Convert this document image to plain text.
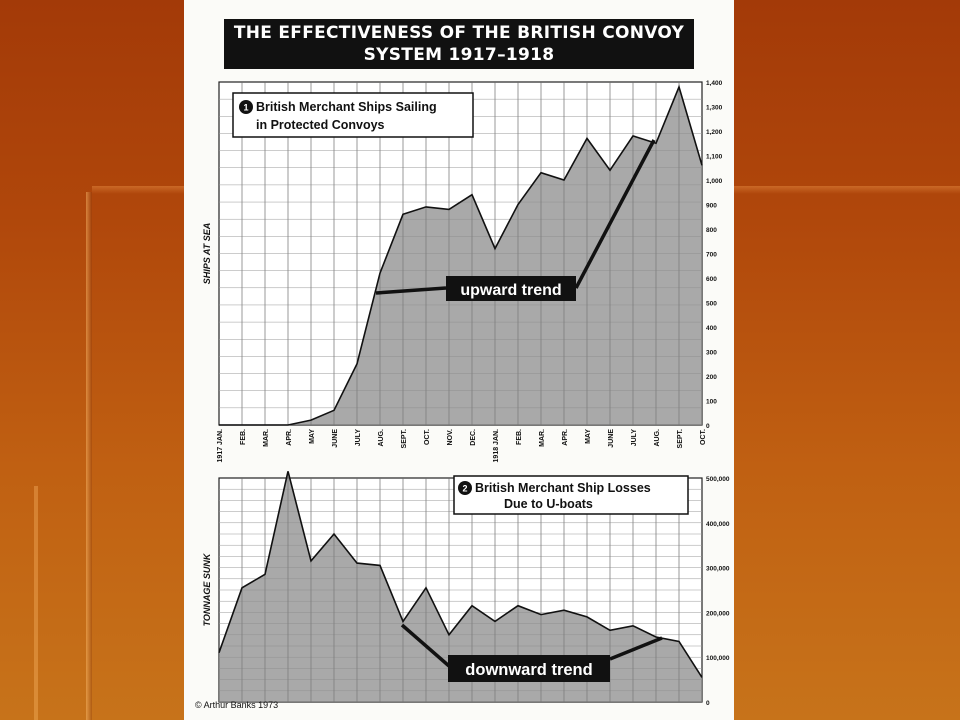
THE EFFECTIVENESS OF THE BRITISH CONVOY
SYSTEM 1917–1918
0
100
200
300
400
500
600
700
800
900
1,000
1,100
1,200
1,300
1,400
SHIPS AT SEA
0
100,000
200,000
300,000
400,000
500,000
TONNAGE SUNK
1917 JAN. FEB. MAR. APR. MAY JUNE JULY AUG. SEPT. OCT. NOV. DEC. 1918 JAN. FEB. MAR. APR. MAY JUNE JULY AUG. SEPT. OCT.
1 British Merchant Ships Sailing
in Protected Convoys
upward trend
2 British Merchant Ship Losses
Due to U-boats
downward trend
© Arthur Banks 1973
